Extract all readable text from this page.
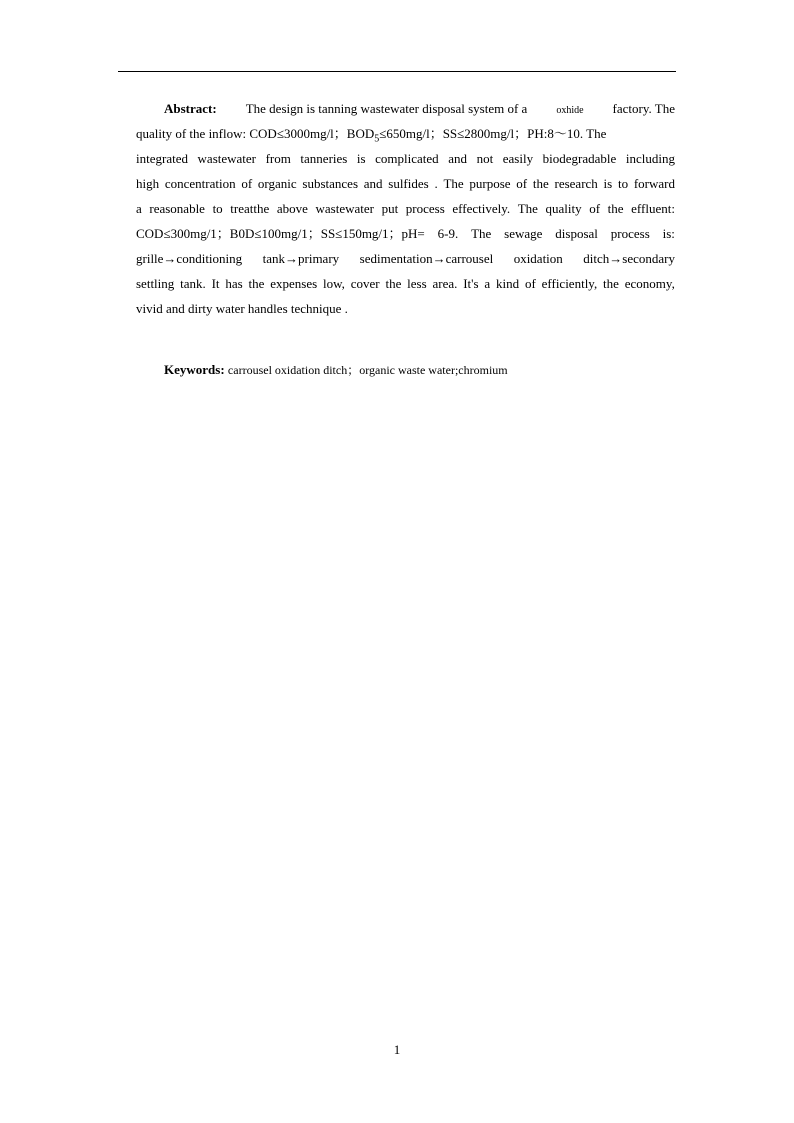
Abstract: The design is tanning wastewater disposal system of a	oxhide factory. The
quality of the inflow: COD≤3000mg/l；$BOD_5\le 650mg/l$；SS≤2800mg/l；PH:8～10. The
integrated wastewater from tanneries is complicated and not easily biodegradable including
high concentration of organic substances and sulfides . The purpose of the research is to forward
a reasonable to treatthe above wastewater put process effectively. The quality of the effluent:
COD≤300mg/1；B0D≤100mg/1；SS≤150mg/1；pH= 6-9. The sewage disposal process is:
grille→conditioning tank→primary sedimentation→carrousel oxidation ditch→secondary
settling tank. It has the expenses low, cover the less area. It's a kind of efficiently, the economy,
vivid and dirty water handles technique .
Keywords: carrousel oxidation ditch；organic waste water;chromium
1
